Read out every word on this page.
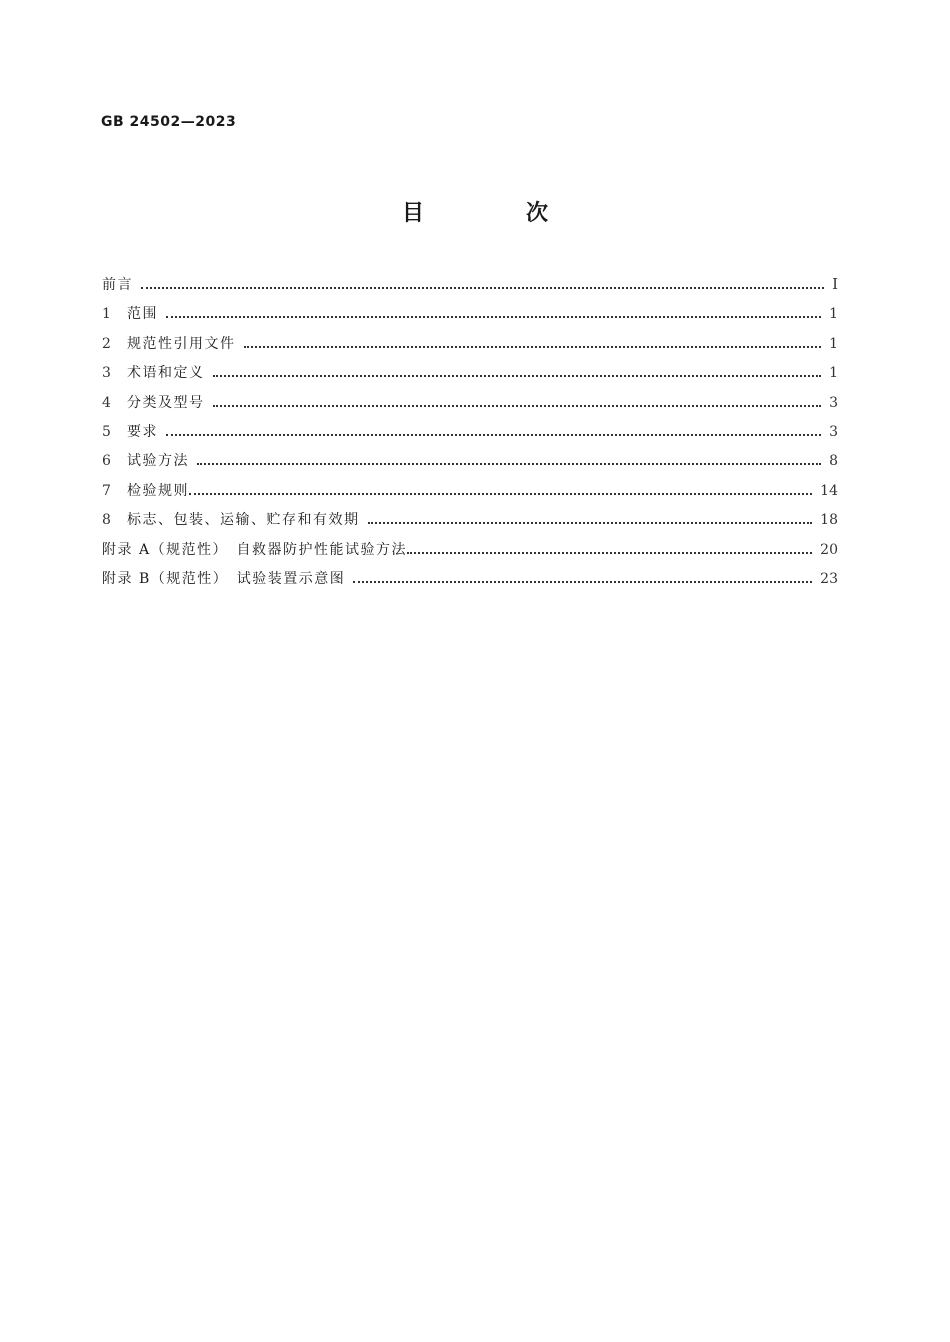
GB 24502—2023
目　次
前言	I
1	范围	1
2	规范性引用文件	1
3	术语和定义	1
4	分类及型号	3
5	要求	3
6	试验方法	8
7	检验规则	14
8	标志、包装、运输、贮存和有效期	18
附录 A（规范性）　自救器防护性能试验方法	20
附录 B（规范性）　试验装置示意图	23
